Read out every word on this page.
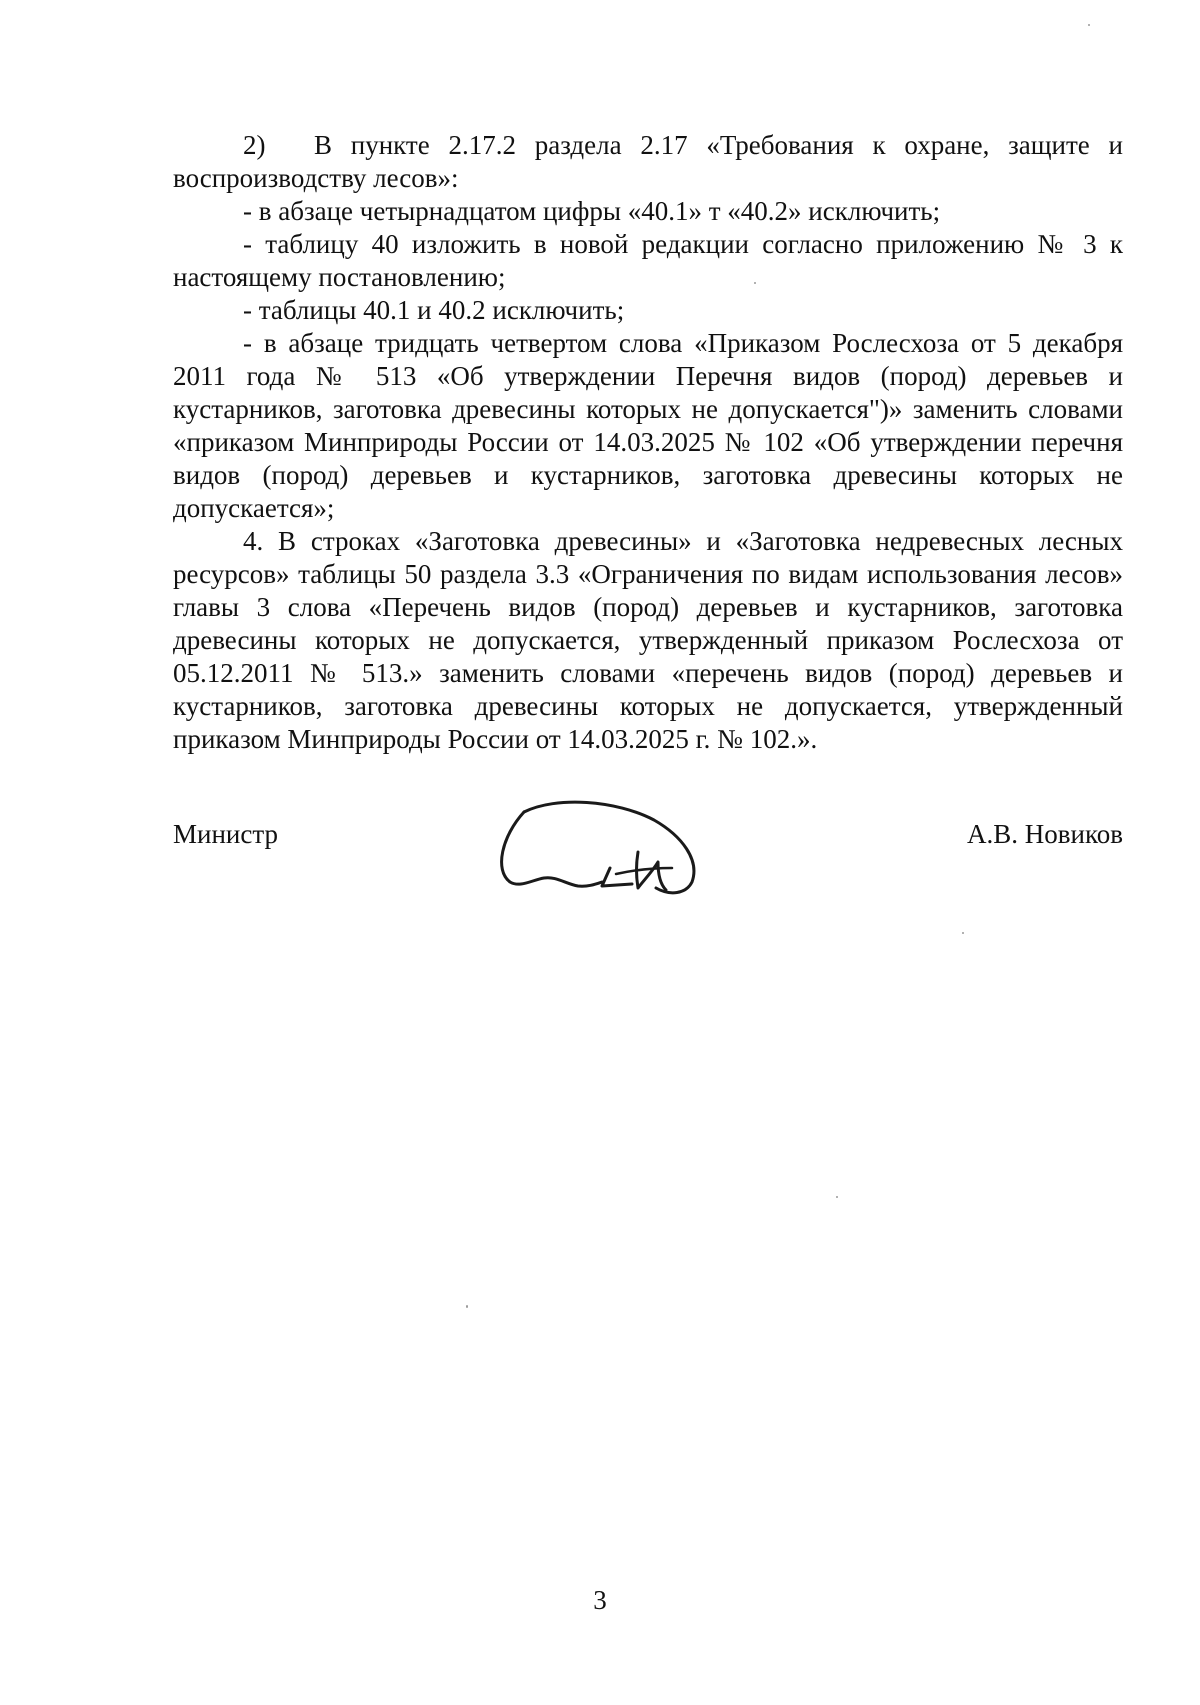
2) В пункте 2.17.2 раздела 2.17 «Требования к охране, защите и воспроизводству лесов»:

- в абзаце четырнадцатом цифры «40.1» т «40.2» исключить;

- таблицу 40 изложить в новой редакции согласно приложению № 3 к настоящему постановлению;

- таблицы 40.1 и 40.2 исключить;

- в абзаце тридцать четвертом слова «Приказом Рослесхоза от 5 декабря 2011 года № 513 «Об утверждении Перечня видов (пород) деревьев и кустарников, заготовка древесины которых не допускается")» заменить словами «приказом Минприроды России от 14.03.2025 № 102 «Об утверждении перечня видов (пород) деревьев и кустарников, заготовка древесины которых не допускается»;

4. В строках «Заготовка древесины» и «Заготовка недревесных лесных ресурсов» таблицы 50 раздела 3.3 «Ограничения по видам использования лесов» главы 3 слова «Перечень видов (пород) деревьев и кустарников, заготовка древесины которых не допускается, утвержденный приказом Рослесхоза от 05.12.2011 № 513.» заменить словами «перечень видов (пород) деревьев и кустарников, заготовка древесины которых не допускается, утвержденный приказом Минприроды России от 14.03.2025 г. № 102.».

Министр	А.В. Новиков
3
